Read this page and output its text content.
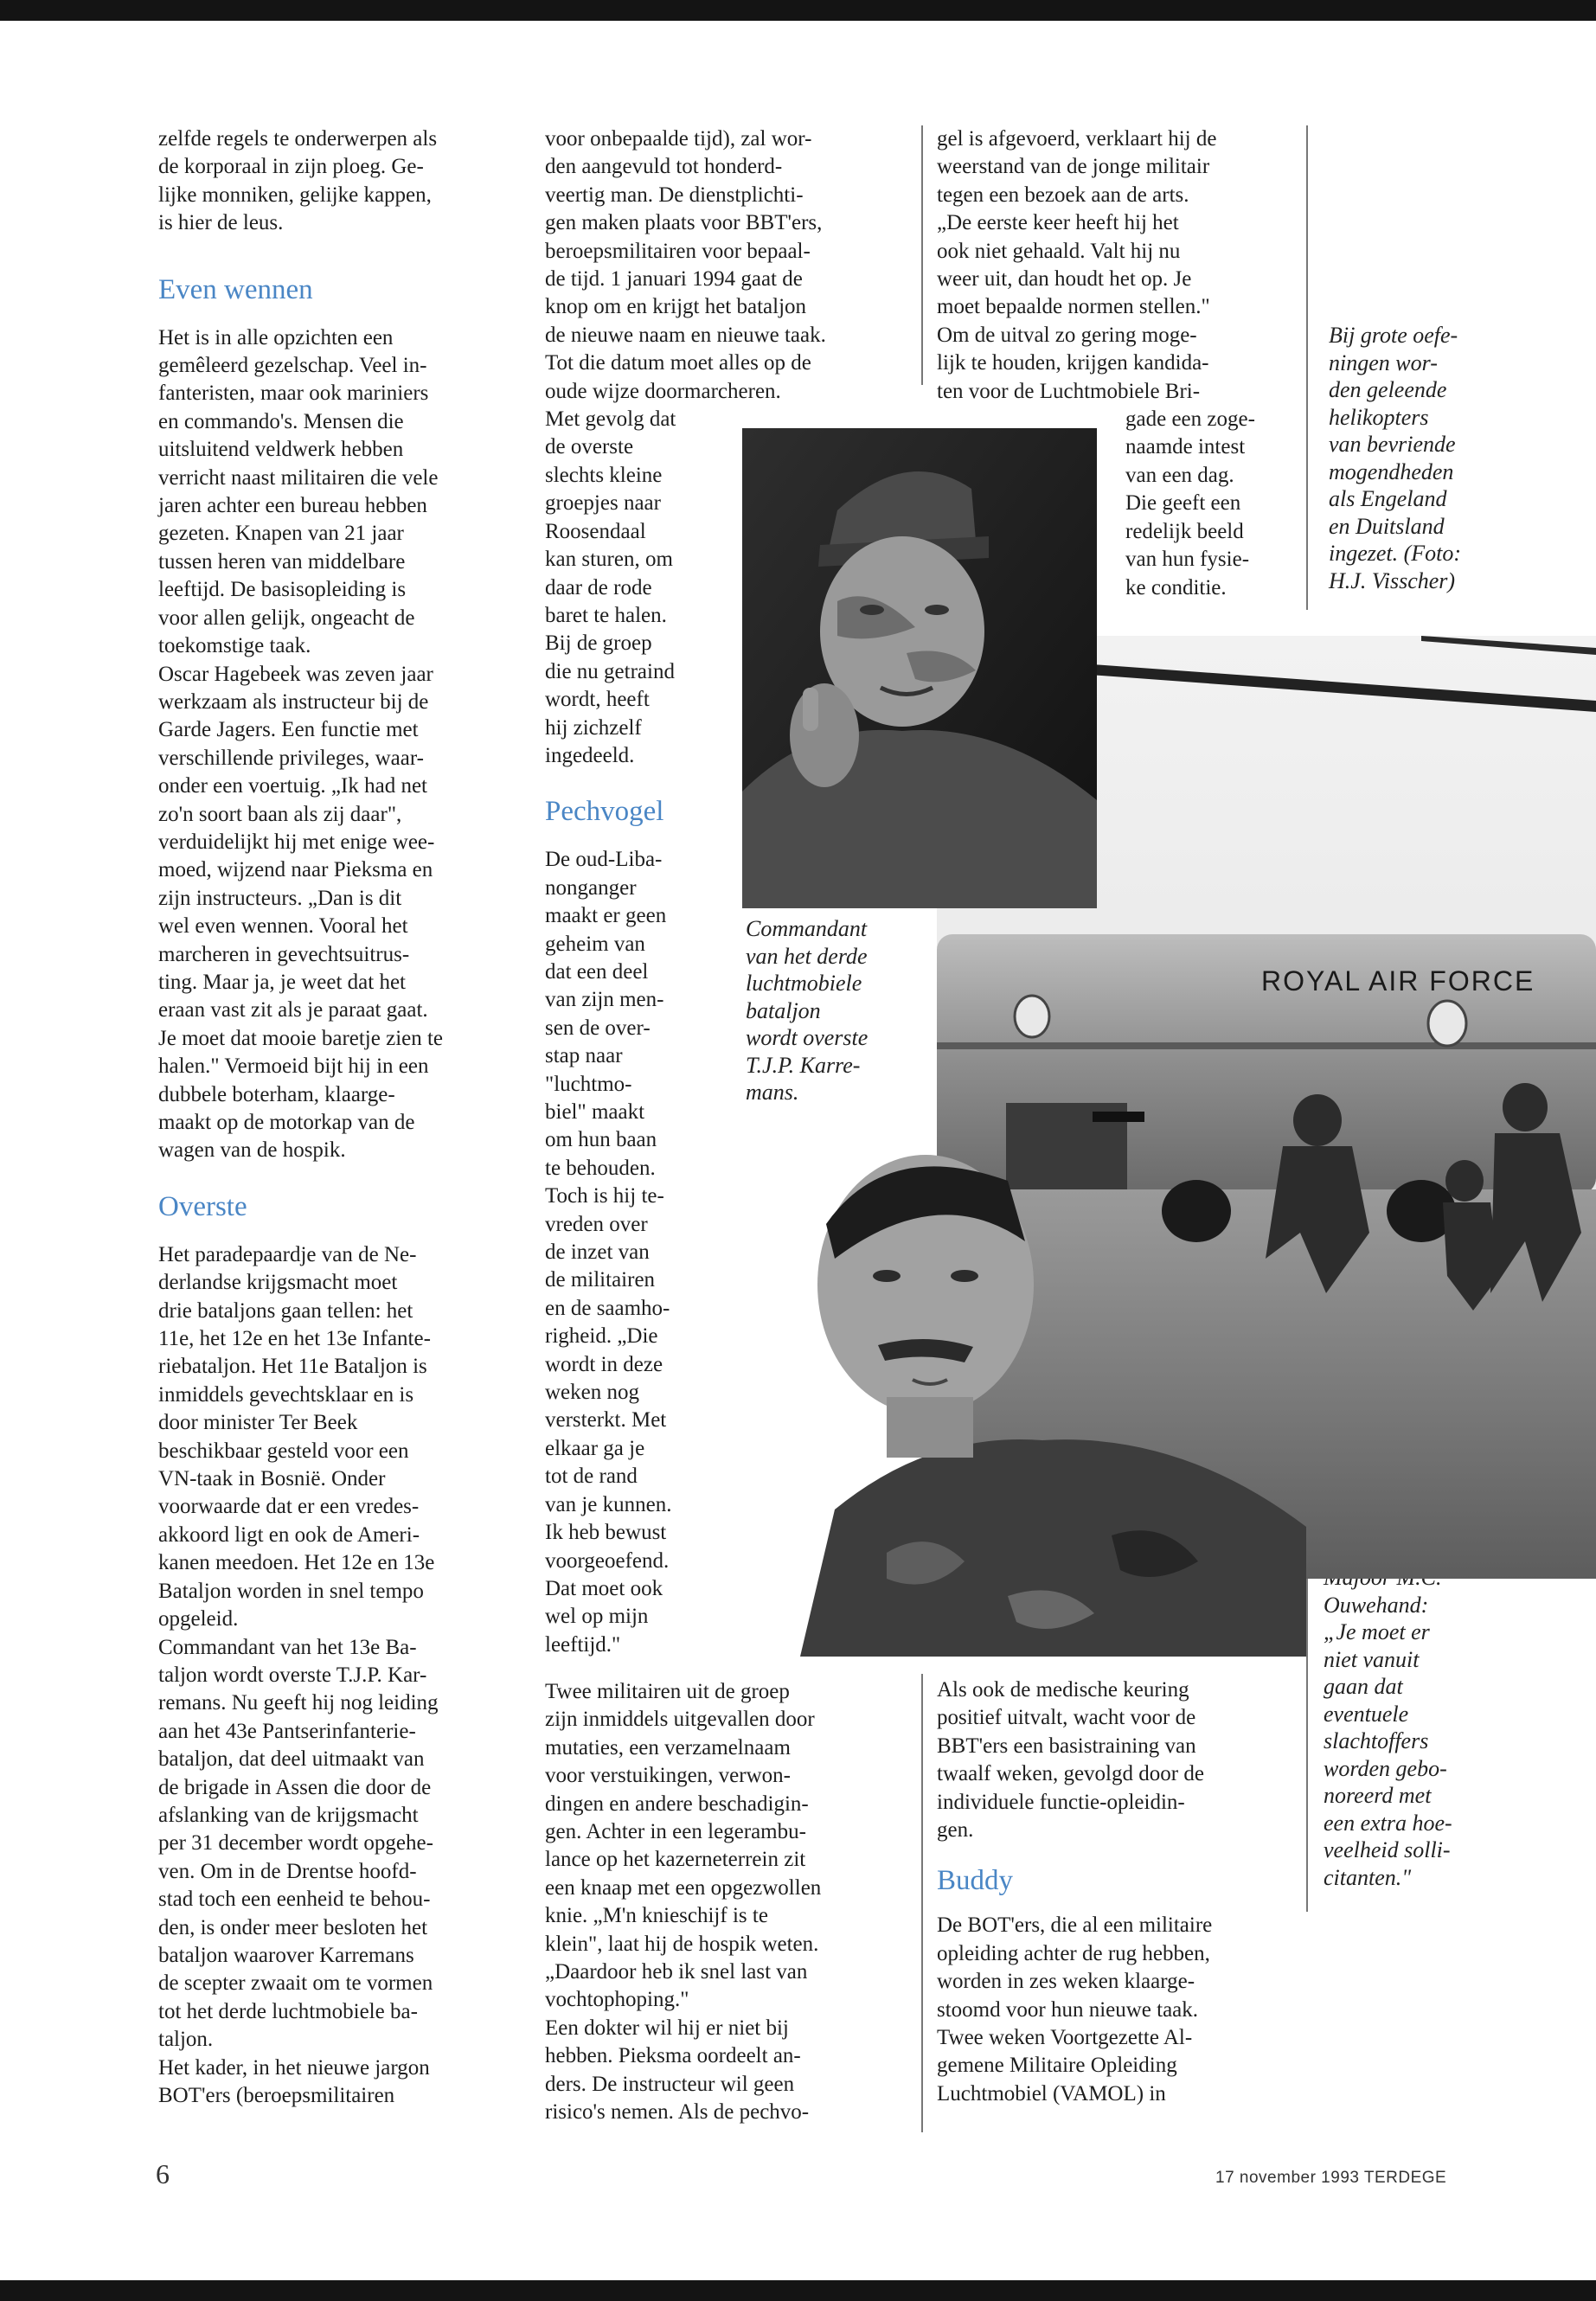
zelfde regels te onderwerpen als

de korporaal in zijn ploeg. Ge-

lijke monniken, gelijke kappen,

is hier de leus.

Even wennen

Het is in alle opzichten een

gemêleerd gezelschap. Veel in-

fanteristen, maar ook mariniers

en commando's. Mensen die

uitsluitend veldwerk hebben

verricht naast militairen die vele

jaren achter een bureau hebben

gezeten. Knapen van 21 jaar

tussen heren van middelbare

leeftijd. De basisopleiding is

voor allen gelijk, ongeacht de

toekomstige taak.

Oscar Hagebeek was zeven jaar

werkzaam als instructeur bij de

Garde Jagers. Een functie met

verschillende privileges, waar-

onder een voertuig. „Ik had net

zo'n soort baan als zij daar",

verduidelijkt hij met enige wee-

moed, wijzend naar Pieksma en

zijn instructeurs. „Dan is dit

wel even wennen. Vooral het

marcheren in gevechtsuitrus-

ting. Maar ja, je weet dat het

eraan vast zit als je paraat gaat.

Je moet dat mooie baretje zien te

halen." Vermoeid bijt hij in een

dubbele boterham, klaarge-

maakt op de motorkap van de

wagen van de hospik.

Overste

Het paradepaardje van de Ne-

derlandse krijgsmacht moet

drie bataljons gaan tellen: het

11e, het 12e en het 13e Infante-

riebataljon. Het 11e Bataljon is

inmiddels gevechtsklaar en is

door minister Ter Beek

beschikbaar gesteld voor een

VN-taak in Bosnië. Onder

voorwaarde dat er een vredes-

akkoord ligt en ook de Ameri-

kanen meedoen. Het 12e en 13e

Bataljon worden in snel tempo

opgeleid.

Commandant van het 13e Ba-

taljon wordt overste T.J.P. Kar-

remans. Nu geeft hij nog leiding

aan het 43e Pantserinfanterie-

bataljon, dat deel uitmaakt van

de brigade in Assen die door de

afslanking van de krijgsmacht

per 31 december wordt opgehe-

ven. Om in de Drentse hoofd-

stad toch een eenheid te behou-

den, is onder meer besloten het

bataljon waarover Karremans

de scepter zwaait om te vormen

tot het derde luchtmobiele ba-

taljon.

Het kader, in het nieuwe jargon

BOT'ers (beroepsmilitairen

voor onbepaalde tijd), zal wor-

den aangevuld tot honderd-

veertig man. De dienstplichti-

gen maken plaats voor BBT'ers,

beroepsmilitairen voor bepaal-

de tijd. 1 januari 1994 gaat de

knop om en krijgt het bataljon

de nieuwe naam en nieuwe taak.

Tot die datum moet alles op de

oude wijze doormarcheren.

Met gevolg dat

de overste

slechts kleine

groepjes naar

Roosendaal

kan sturen, om

daar de rode

baret te halen.

Bij de groep

die nu getraind

wordt, heeft

hij zichzelf

ingedeeld.

Pechvogel

De oud-Liba-

nonganger

maakt er geen

geheim van

dat een deel

van zijn men-

sen de over-

stap naar

"luchtmo-

biel" maakt

om hun baan

te behouden.

Toch is hij te-

vreden over

de inzet van

de militairen

en de saamho-

righeid. „Die

wordt in deze

weken nog

versterkt. Met

elkaar ga je

tot de rand

van je kunnen.

Ik heb bewust

voorgeoefend.

Dat moet ook

wel op mijn

leeftijd."

Twee militairen uit de groep

zijn inmiddels uitgevallen door

mutaties, een verzamelnaam

voor verstuikingen, verwon-

dingen en andere beschadigin-

gen. Achter in een legerambu-

lance op het kazerneterrein zit

een knaap met een opgezwollen

knie. „M'n knieschijf is te

klein", laat hij de hospik weten.

„Daardoor heb ik snel last van

vochtophoping."

Een dokter wil hij er niet bij

hebben. Pieksma oordeelt an-

ders. De instructeur wil geen

risico's nemen. Als de pechvo-

gel is afgevoerd, verklaart hij de

weerstand van de jonge militair

tegen een bezoek aan de arts.

„De eerste keer heeft hij het

ook niet gehaald. Valt hij nu

weer uit, dan houdt het op. Je

moet bepaalde normen stellen."

Om de uitval zo gering moge-

lijk te houden, krijgen kandida-

ten voor de Luchtmobiele Bri-

gade een zoge-

naamde intest

van een dag.

Die geeft een

redelijk beeld

van hun fysie-

ke conditie.

Als ook de medische keuring

positief uitvalt, wacht voor de

BBT'ers een basistraining van

twaalf weken, gevolgd door de

individuele functie-opleidin-

gen.

Buddy

De BOT'ers, die al een militaire

opleiding achter de rug hebben,

worden in zes weken klaarge-

stoomd voor hun nieuwe taak.

Twee weken Voortgezette Al-

gemene Militaire Opleiding

Luchtmobiel (VAMOL) in

Bij grote oefe-

ningen wor-

den geleende

helikopters

van bevriende

mogendheden

als Engeland

en Duitsland

ingezet. (Foto:

H.J. Visscher)

Commandant

van het derde

luchtmobiele

bataljon

wordt overste

T.J.P. Karre-

mans.

Ouwehand:

„Je moet er

niet vanuit

gaan dat

eventuele

slachtoffers

worden gebo-

noreerd met

een extra hoe-

veelheid solli-

citanten."

ROYAL AIR FORCE
6	17 november 1993 TERDEGE
